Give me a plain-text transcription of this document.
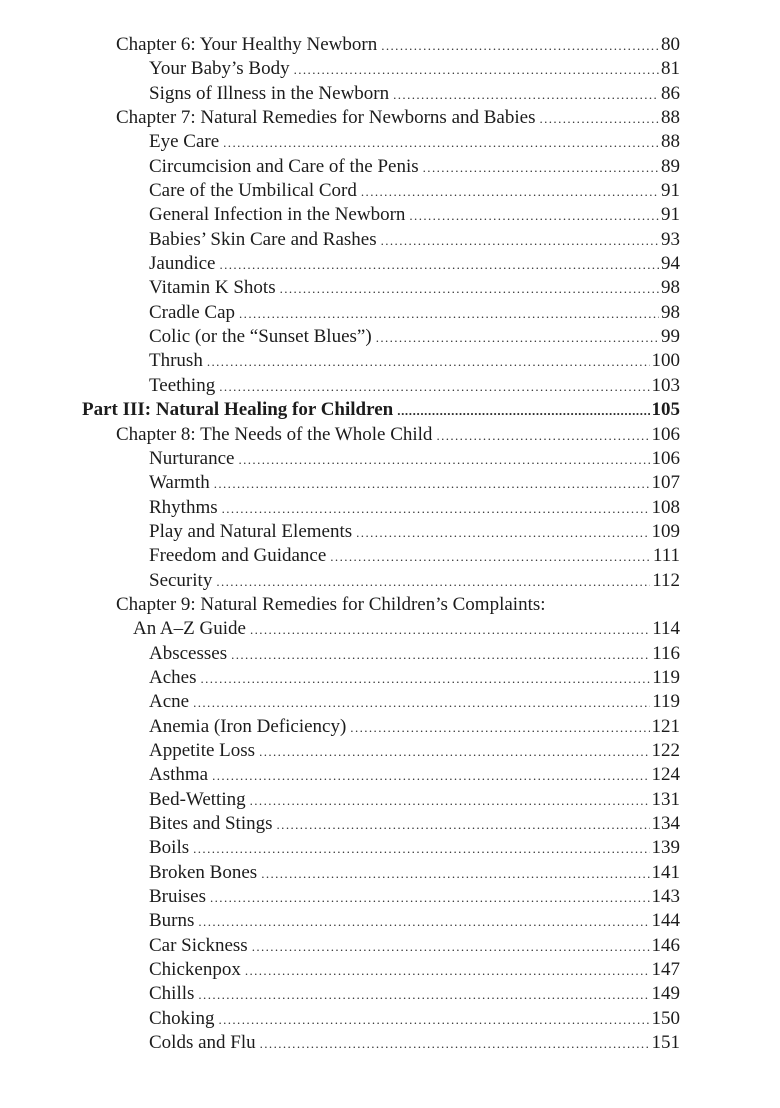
Chapter 6: Your Healthy Newborn .....	80
Your Baby’s Body .....	81
Signs of Illness in the Newborn .....	86
Chapter 7: Natural Remedies for Newborns and Babies .....	88
Eye Care .....	88
Circumcision and Care of the Penis .....	89
Care of the Umbilical Cord .....	91
General Infection in the Newborn .....	91
Babies’ Skin Care and Rashes .....	93
Jaundice .....	94
Vitamin K Shots .....	98
Cradle Cap .....	98
Colic (or the “Sunset Blues”) .....	99
Thrush .....	100
Teething .....	103
Part III: Natural Healing for Children .....	105
Chapter 8: The Needs of the Whole Child .....	106
Nurturance .....	106
Warmth .....	107
Rhythms .....	108
Play and Natural Elements .....	109
Freedom and Guidance .....	111
Security .....	112
Chapter 9: Natural Remedies for Children’s Complaints:
An A–Z Guide .....	114
Abscesses .....	116
Aches .....	119
Acne .....	119
Anemia (Iron Deficiency) .....	121
Appetite Loss .....	122
Asthma .....	124
Bed-Wetting .....	131
Bites and Stings .....	134
Boils .....	139
Broken Bones .....	141
Bruises .....	143
Burns .....	144
Car Sickness .....	146
Chickenpox .....	147
Chills .....	149
Choking .....	150
Colds and Flu .....	151
